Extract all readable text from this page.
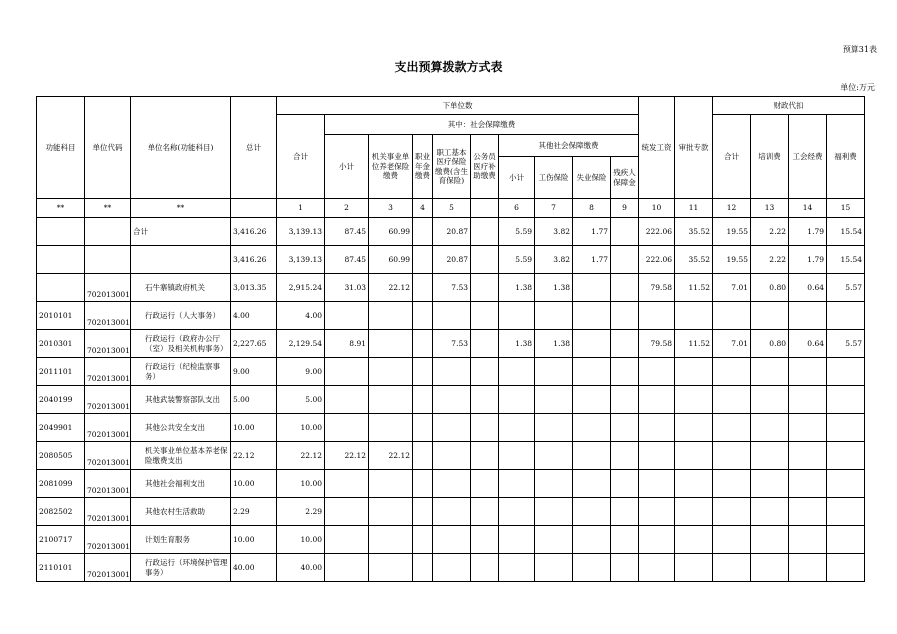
预算31表
支出预算拨款方式表
单位:万元
功能科目	单位代码	单位名称(功能科目)	总计	下单位数										统发工资	审批专款	财政代扣			
				合计	其中：社会保障缴费											合计	培训费	工会经费	福利费
					小计	机关事业单位养老保险缴费	职业年金缴费	职工基本医疗保险缴费(含生育保险)	公务员医疗补助缴费	其他社会保障缴费									
										小计	工伤保险	失业保险	残疾人保障金						
**	**	**		1	2	3	4	5		6	7	8	9	10	11	12	13	14	15
		合计	3,416.26	3,139.13	87.45	60.99		20.87		5.59	3.82	1.77		222.06	35.52	19.55	2.22	1.79	15.54
			3,416.26	3,139.13	87.45	60.99		20.87		5.59	3.82	1.77		222.06	35.52	19.55	2.22	1.79	15.54
	702013001	石牛寨镇政府机关	3,013.35	2,915.24	31.03	22.12		7.53		1.38	1.38			79.58	11.52	7.01	0.80	0.64	5.57
2010101	702013001	行政运行（人大事务）	4.00	4.00															
2010301	702013001	行政运行（政府办公厅（室）及相关机构事务）	2,227.65	2,129.54	8.91			7.53		1.38	1.38			79.58	11.52	7.01	0.80	0.64	5.57
2011101	702013001	行政运行（纪检监察事务）	9.00	9.00															
2040199	702013001	其他武装警察部队支出	5.00	5.00															
2049901	702013001	其他公共安全支出	10.00	10.00															
2080505	702013001	机关事业单位基本养老保险缴费支出	22.12	22.12	22.12	22.12													
2081099	702013001	其他社会福利支出	10.00	10.00															
2082502	702013001	其他农村生活救助	2.29	2.29															
2100717	702013001	计划生育服务	10.00	10.00															
2110101	702013001	行政运行（环境保护管理事务）	40.00	40.00															
